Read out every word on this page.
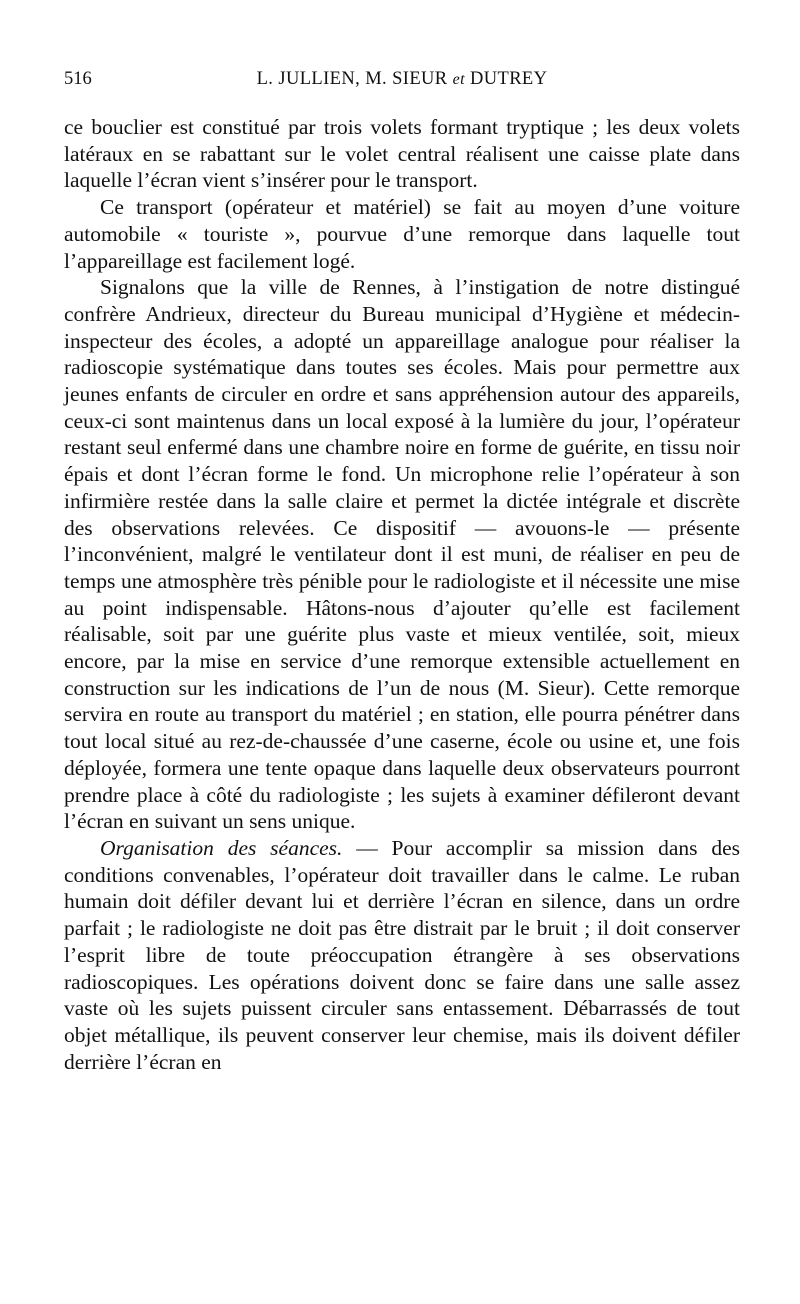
516	L. JULLIEN, M. SIEUR et DUTREY

ce bouclier est constitué par trois volets formant tryptique ; les deux volets latéraux en se rabattant sur le volet central réalisent une caisse plate dans laquelle l’écran vient s’insérer pour le transport.

Ce transport (opérateur et matériel) se fait au moyen d’une voiture automobile « touriste », pourvue d’une remorque dans laquelle tout l’appareillage est facilement logé.

Signalons que la ville de Rennes, à l’instigation de notre distingué confrère Andrieux, directeur du Bureau municipal d’Hygiène et médecin-inspecteur des écoles, a adopté un appareillage analogue pour réaliser la radioscopie systématique dans toutes ses écoles. Mais pour permettre aux jeunes enfants de circuler en ordre et sans appréhension autour des appareils, ceux-ci sont maintenus dans un local exposé à la lumière du jour, l’opérateur restant seul enfermé dans une chambre noire en forme de guérite, en tissu noir épais et dont l’écran forme le fond. Un microphone relie l’opérateur à son infirmière restée dans la salle claire et permet la dictée intégrale et discrète des observations relevées. Ce dispositif — avouons-le — présente l’inconvénient, malgré le ventilateur dont il est muni, de réaliser en peu de temps une atmosphère très pénible pour le radiologiste et il nécessite une mise au point indispensable. Hâtons-nous d’ajouter qu’elle est facilement réalisable, soit par une guérite plus vaste et mieux ventilée, soit, mieux encore, par la mise en service d’une remorque extensible actuellement en construction sur les indications de l’un de nous (M. Sieur). Cette remorque servira en route au transport du matériel ; en station, elle pourra pénétrer dans tout local situé au rez-de-chaussée d’une caserne, école ou usine et, une fois déployée, formera une tente opaque dans laquelle deux observateurs pourront prendre place à côté du radiologiste ; les sujets à examiner défileront devant l’écran en suivant un sens unique.

Organisation des séances. — Pour accomplir sa mission dans des conditions convenables, l’opérateur doit travailler dans le calme. Le ruban humain doit défiler devant lui et derrière l’écran en silence, dans un ordre parfait ; le radiologiste ne doit pas être distrait par le bruit ; il doit conserver l’esprit libre de toute préoccupation étrangère à ses observations radioscopiques. Les opérations doivent donc se faire dans une salle assez vaste où les sujets puissent circuler sans entassement. Débarrassés de tout objet métallique, ils peuvent conserver leur chemise, mais ils doivent défiler derrière l’écran en
